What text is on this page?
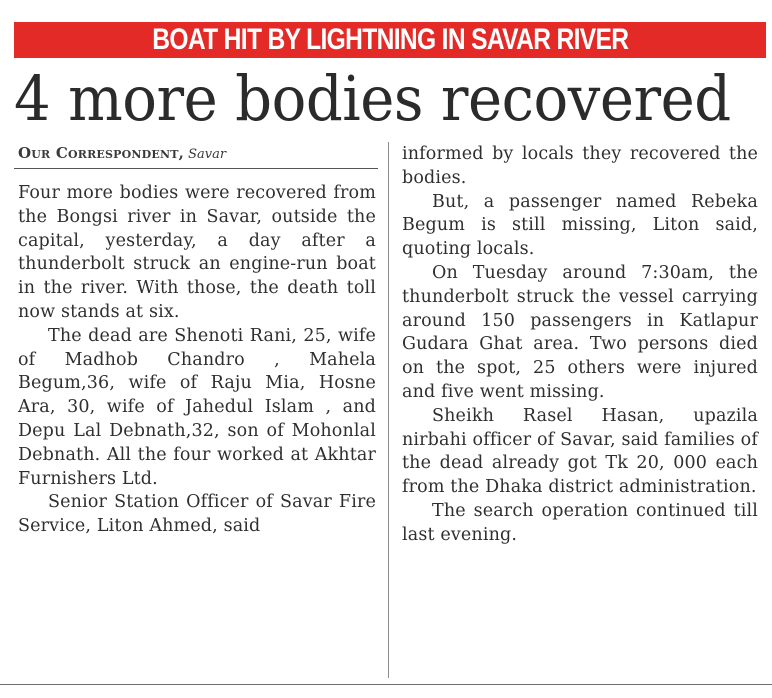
BOAT HIT BY LIGHTNING IN SAVAR RIVER
4 more bodies recovered
Our Correspondent, Savar

Four more bodies were recovered from the Bongsi river in Savar, outside the capital, yesterday, a day after a thunderbolt struck an engine-run boat in the river. With those, the death toll now stands at six.

The dead are Shenoti Rani, 25, wife of Madhob Chandro , Mahela Begum,36, wife of Raju Mia, Hosne Ara, 30, wife of Jahedul Islam , and Depu Lal Debnath,32, son of Mohonlal Debnath. All the four worked at Akhtar Furnishers Ltd.

Senior Station Officer of Savar Fire Service, Liton Ahmed, said

informed by locals they recovered the bodies.

But, a passenger named Rebeka Begum is still missing, Liton said, quoting locals.

On Tuesday around 7:30am, the thunderbolt struck the vessel carrying around 150 passengers in Katlapur Gudara Ghat area. Two persons died on the spot, 25 others were injured and five went missing.

Sheikh Rasel Hasan, upazila nirbahi officer of Savar, said families of the dead already got Tk 20, 000 each from the Dhaka district administration.

The search operation continued till last evening.
